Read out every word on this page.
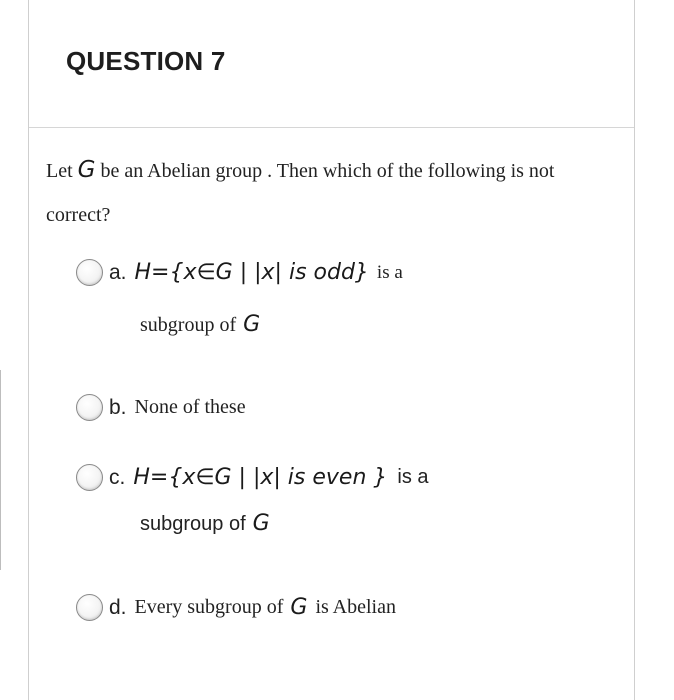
QUESTION 7
Let G be an Abelian group . Then which of the following is not correct?
a. H={x∈G | |x| is odd} is a
subgroup of G
b. None of these
c. H={x∈G | |x| is even } is a
subgroup of G
d. Every subgroup of G is Abelian
